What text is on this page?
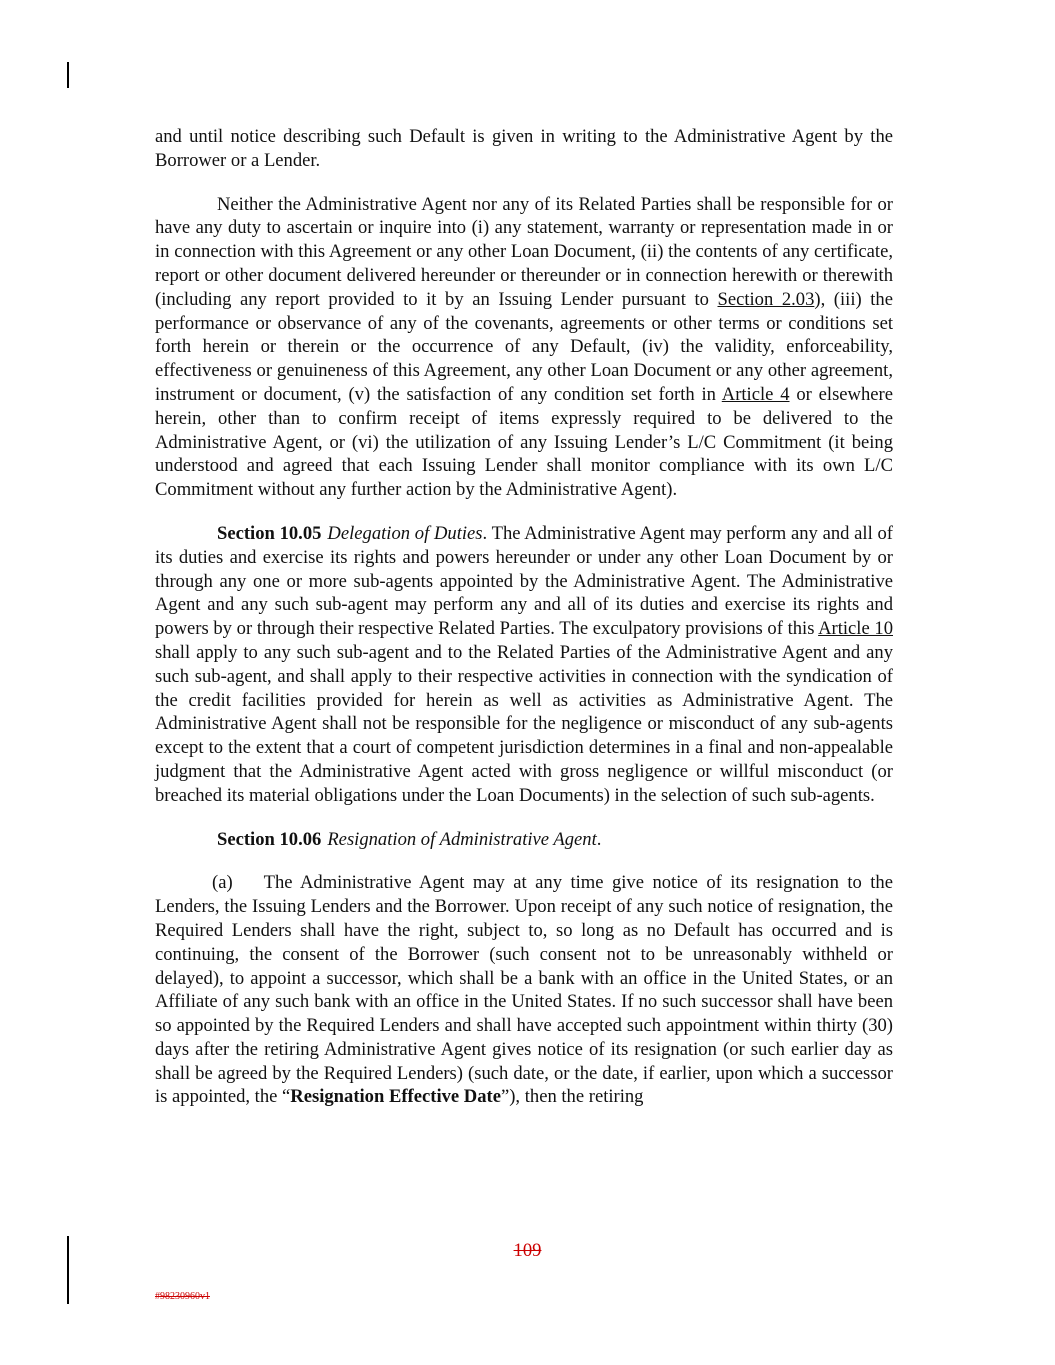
and until notice describing such Default is given in writing to the Administrative Agent by the Borrower or a Lender.

Neither the Administrative Agent nor any of its Related Parties shall be responsible for or have any duty to ascertain or inquire into (i) any statement, warranty or representation made in or in connection with this Agreement or any other Loan Document, (ii) the contents of any certificate, report or other document delivered hereunder or thereunder or in connection herewith or therewith (including any report provided to it by an Issuing Lender pursuant to Section 2.03), (iii) the performance or observance of any of the covenants, agreements or other terms or conditions set forth herein or therein or the occurrence of any Default, (iv) the validity, enforceability, effectiveness or genuineness of this Agreement, any other Loan Document or any other agreement, instrument or document, (v) the satisfaction of any condition set forth in Article 4 or elsewhere herein, other than to confirm receipt of items expressly required to be delivered to the Administrative Agent, or (vi) the utilization of any Issuing Lender’s L/C Commitment (it being understood and agreed that each Issuing Lender shall monitor compliance with its own L/C Commitment without any further action by the Administrative Agent).

Section 10.05 Delegation of Duties. The Administrative Agent may perform any and all of its duties and exercise its rights and powers hereunder or under any other Loan Document by or through any one or more sub-agents appointed by the Administrative Agent. The Administrative Agent and any such sub-agent may perform any and all of its duties and exercise its rights and powers by or through their respective Related Parties. The exculpatory provisions of this Article 10 shall apply to any such sub-agent and to the Related Parties of the Administrative Agent and any such sub-agent, and shall apply to their respective activities in connection with the syndication of the credit facilities provided for herein as well as activities as Administrative Agent. The Administrative Agent shall not be responsible for the negligence or misconduct of any sub-agents except to the extent that a court of competent jurisdiction determines in a final and non-appealable judgment that the Administrative Agent acted with gross negligence or willful misconduct (or breached its material obligations under the Loan Documents) in the selection of such sub-agents.

Section 10.06 Resignation of Administrative Agent.

(a) The Administrative Agent may at any time give notice of its resignation to the Lenders, the Issuing Lenders and the Borrower. Upon receipt of any such notice of resignation, the Required Lenders shall have the right, subject to, so long as no Default has occurred and is continuing, the consent of the Borrower (such consent not to be unreasonably withheld or delayed), to appoint a successor, which shall be a bank with an office in the United States, or an Affiliate of any such bank with an office in the United States. If no such successor shall have been so appointed by the Required Lenders and shall have accepted such appointment within thirty (30) days after the retiring Administrative Agent gives notice of its resignation (or such earlier day as shall be agreed by the Required Lenders) (such date, or the date, if earlier, upon which a successor is appointed, the “Resignation Effective Date”), then the retiring

109
#98230960v1
